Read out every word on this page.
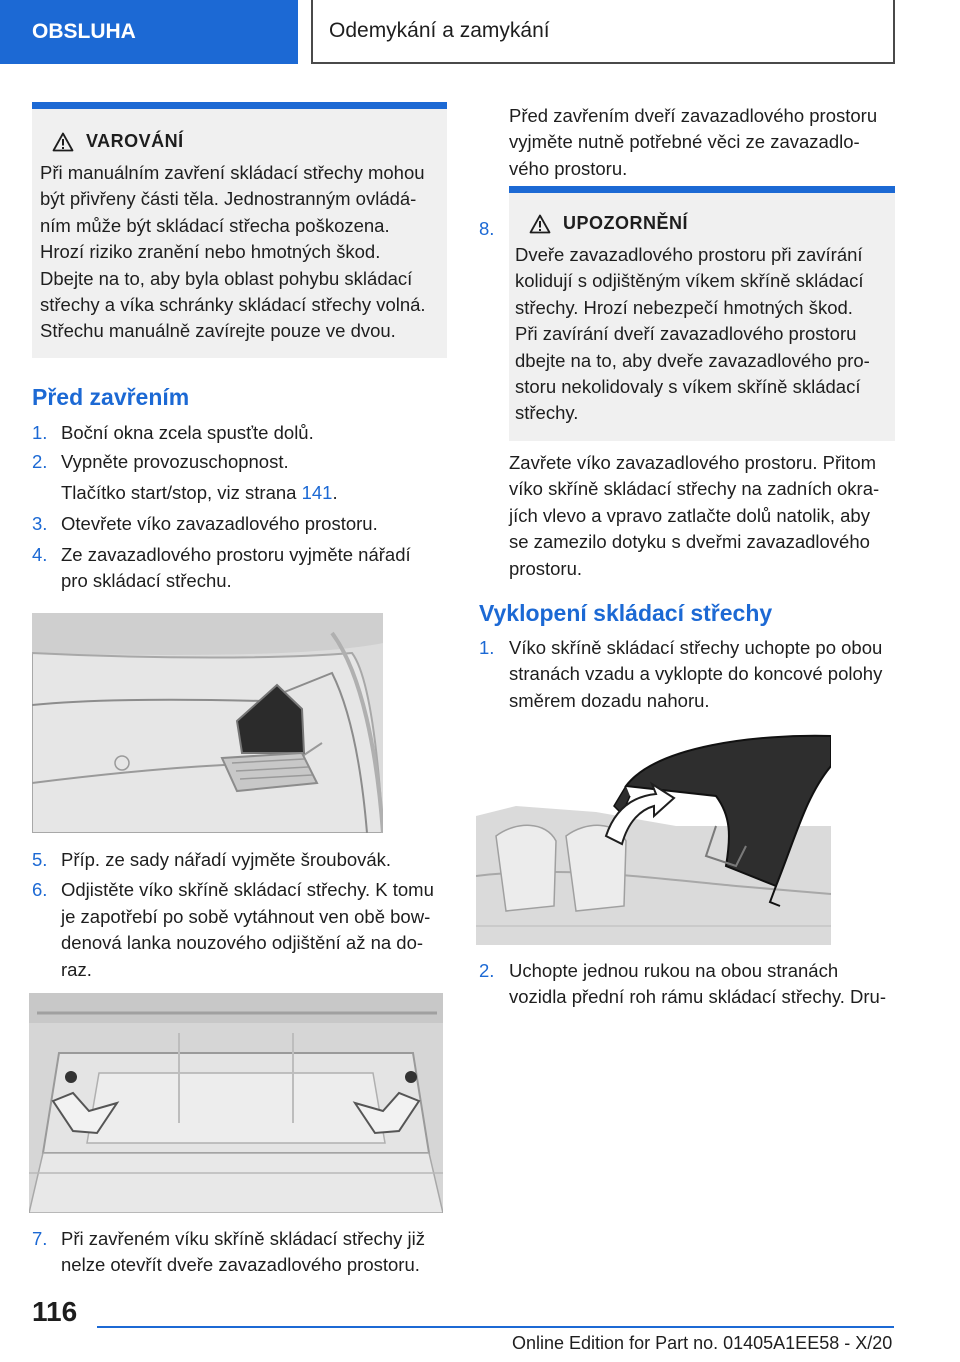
OBSLUHA	Odemykání a zamykání
VAROVÁNÍ
Při manuálním zavření skládací střechy mohou
být přivřeny části těla. Jednostranným ovládá‐
ním může být skládací střecha poškozena.
Hrozí riziko zranění nebo hmotných škod.
Dbejte na to, aby byla oblast pohybu skládací
střechy a víka schránky skládací střechy volná.
Střechu manuálně zavírejte pouze ve dvou.
Před zavřením
1. Boční okna zcela spusťte dolů.
2. Vypněte provozuschopnost.
Tlačítko start/stop, viz strana 141.
3. Otevřete víko zavazadlového prostoru.
4. Ze zavazadlového prostoru vyjměte nářadí
pro skládací střechu.
5. Příp. ze sady nářadí vyjměte šroubovák.
6. Odjistěte víko skříně skládací střechy. K tomu
je zapotřebí po sobě vytáhnout ven obě bow‐
denová lanka nouzového odjištění až na do‐
raz.
7. Při zavřeném víku skříně skládací střechy již
nelze otevřít dveře zavazadlového prostoru.
Před zavřením dveří zavazadlového prostoru
vyjměte nutně potřebné věci ze zavazadlo‐
vého prostoru.
8.	UPOZORNĚNÍ
Dveře zavazadlového prostoru při zavírání
kolidují s odjištěným víkem skříně skládací
střechy. Hrozí nebezpečí hmotných škod.
Při zavírání dveří zavazadlového prostoru
dbejte na to, aby dveře zavazadlového pro‐
storu nekolidovaly s víkem skříně skládací
střechy.
Zavřete víko zavazadlového prostoru. Přitom
víko skříně skládací střechy na zadních okra‐
jích vlevo a vpravo zatlačte dolů natolik, aby
se zamezilo dotyku s dveřmi zavazadlového
prostoru.
Vyklopení skládací střechy
1. Víko skříně skládací střechy uchopte po obou
stranách vzadu a vyklopte do koncové polohy
směrem dozadu nahoru.
2. Uchopte jednou rukou na obou stranách
vozidla přední roh rámu skládací střechy. Dru‐
116
Online Edition for Part no. 01405A1EE58 - X/20
